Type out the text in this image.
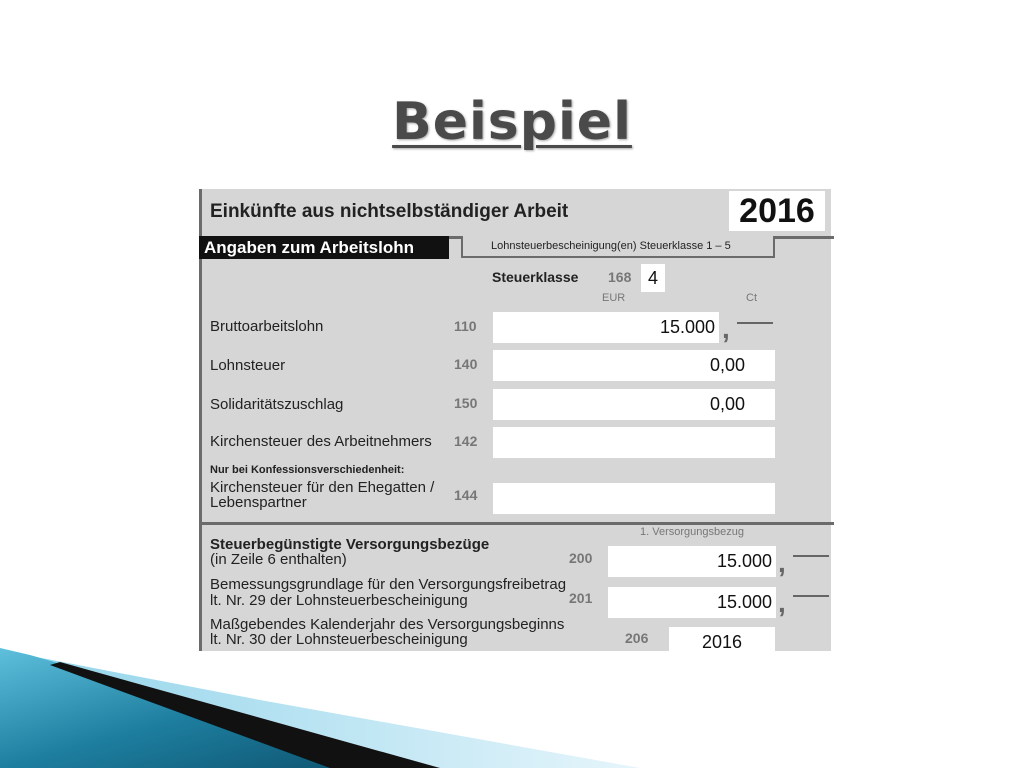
Beispiel
Einkünfte aus nichtselbständiger Arbeit	2016
Angaben zum Arbeitslohn	Lohnsteuerbescheinigung(en) Steuerklasse 1 – 5
Steuerklasse 168 4
EUR	Ct
Bruttoarbeitslohn	110	15.000 ,
Lohnsteuer	140	0,00
Solidaritätszuschlag	150	0,00
Kirchensteuer des Arbeitnehmers 142
Nur bei Konfessionsverschiedenheit:
Kirchensteuer für den Ehegatten /
Lebenspartner	144
1. Versorgungsbezug
Steuerbegünstigte Versorgungsbezüge
(in Zeile 6 enthalten)	200	15.000 ,
Bemessungsgrundlage für den Versorgungsfreibetrag
lt. Nr. 29 der Lohnsteuerbescheinigung	201	15.000 ,
Maßgebendes Kalenderjahr des Versorgungsbeginns
lt. Nr. 30 der Lohnsteuerbescheinigung	206	2016
